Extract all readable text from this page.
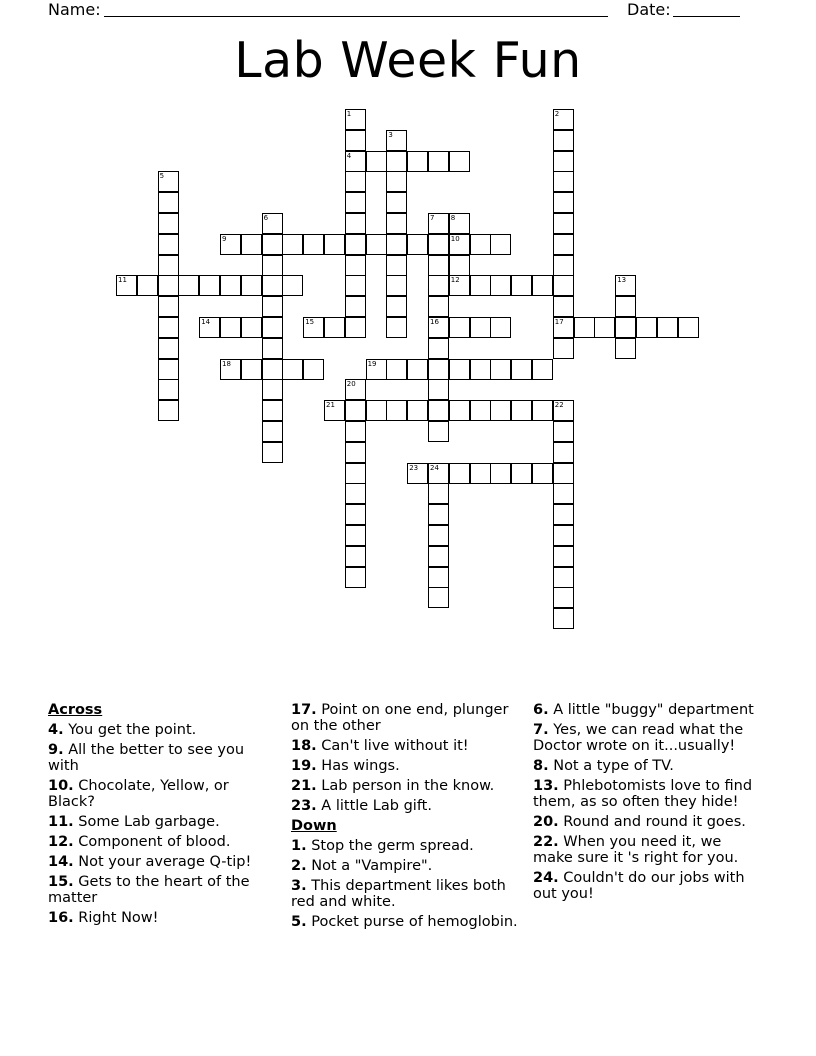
Name:	Date:
Lab Week Fun
4
9	10
11	12
14	15	16	17
18	19
21	22
23 24
1	2
3
5
6	7 8
13
20
Across
4. You get the point.
9. All the better to see you with
10. Chocolate, Yellow, or Black?
11. Some Lab garbage.
12. Component of blood.
14. Not your average Q-tip!
15. Gets to the heart of the matter
16. Right Now!
17. Point on one end, plunger on the other
18. Can't live without it!
19. Has wings.
21. Lab person in the know.
23. A little Lab gift.
Down
1. Stop the germ spread.
2. Not a "Vampire".
3. This department likes both red and white.
5. Pocket purse of hemoglobin.
6. A little "buggy" department
7. Yes, we can read what the Doctor wrote on it...usually!
8. Not a type of TV.
13. Phlebotomists love to find them, as so often they hide!
20. Round and round it goes.
22. When you need it, we make sure it 's right for you.
24. Couldn't do our jobs with out you!
